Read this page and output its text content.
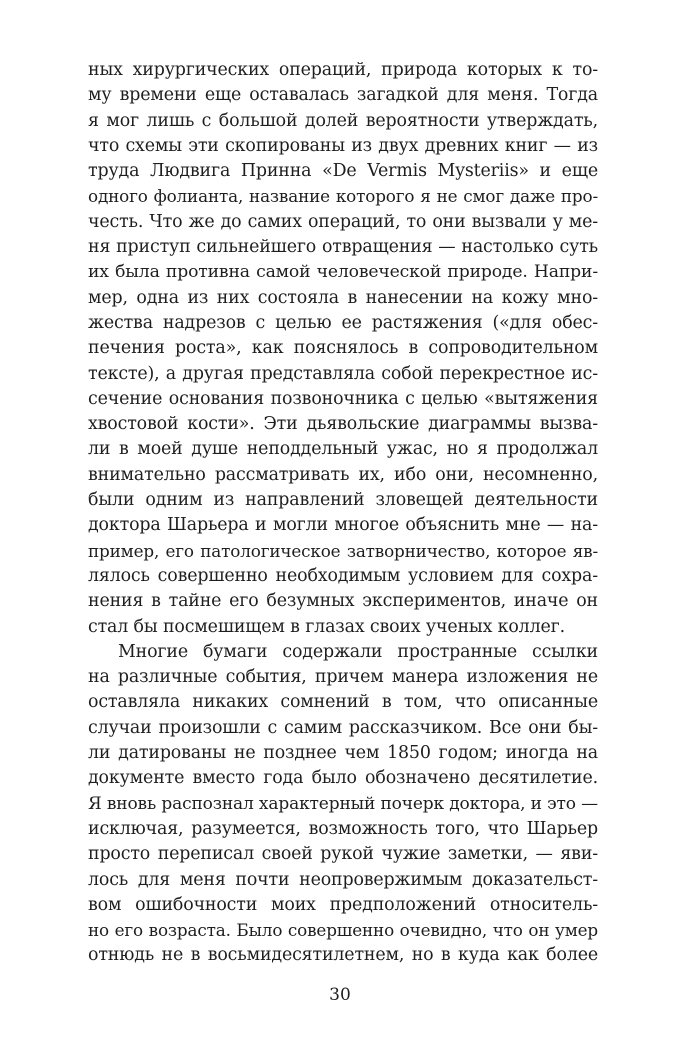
ных хирургических операций, природа которых к то-
му времени еще оставалась загадкой для меня. Тогда
я мог лишь с большой долей вероятности утверждать,
что схемы эти скопированы из двух древних книг — из
труда Людвига Принна «De Vermis Mysteriis» и еще
одного фолианта, название которого я не смог даже про-
честь. Что же до самих операций, то они вызвали у ме-
ня приступ сильнейшего отвращения — настолько суть
их была противна самой человеческой природе. Напри-
мер, одна из них состояла в нанесении на кожу мно-
жества надрезов с целью ее растяжения («для обес-
печения роста», как пояснялось в сопроводительном
тексте), а другая представляла собой перекрестное ис-
сечение основания позвоночника с целью «вытяжения
хвостовой кости». Эти дьявольские диаграммы вызва-
ли в моей душе неподдельный ужас, но я продолжал
внимательно рассматривать их, ибо они, несомненно,
были одним из направлений зловещей деятельности
доктора Шарьера и могли многое объяснить мне — на-
пример, его патологическое затворничество, которое яв-
лялось совершенно необходимым условием для сохра-
нения в тайне его безумных экспериментов, иначе он
стал бы посмешищем в глазах своих ученых коллег.
Многие бумаги содержали пространные ссылки
на различные события, причем манера изложения не
оставляла никаких сомнений в том, что описанные
случаи произошли с самим рассказчиком. Все они бы-
ли датированы не позднее чем 1850 годом; иногда на
документе вместо года было обозначено десятилетие.
Я вновь распознал характерный почерк доктора, и это —
исключая, разумеется, возможность того, что Шарьер
просто переписал своей рукой чужие заметки, — яви-
лось для меня почти неопровержимым доказательст-
вом ошибочности моих предположений относитель-
но его возраста. Было совершенно очевидно, что он умер
отнюдь не в восьмидесятилетнем, но в куда как более
30
